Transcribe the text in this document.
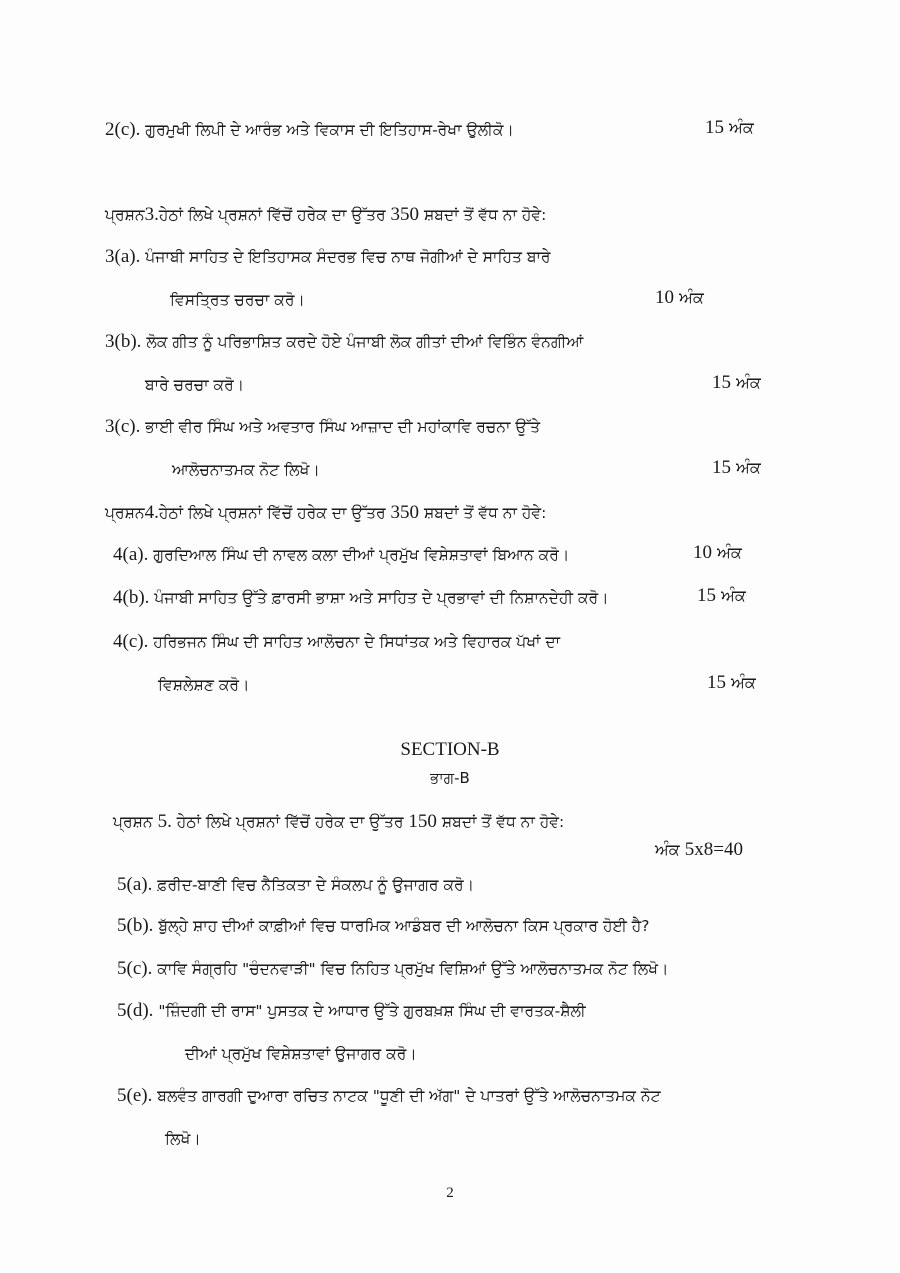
2(c). ਗੁਰਮੁਖੀ ਲਿਪੀ ਦੇ ਆਰੰਭ ਅਤੇ ਵਿਕਾਸ ਦੀ ਇਤਿਹਾਸ-ਰੇਖਾ ਉਲੀਕੋ।	15 ਅੰਕ
ਪ੍ਰਸ਼ਨ3.ਹੇਠਾਂ ਲਿਖੇ ਪ੍ਰਸ਼ਨਾਂ ਵਿੱਚੋਂ ਹਰੇਕ ਦਾ ਉੱਤਰ 350 ਸ਼ਬਦਾਂ ਤੋਂ ਵੱਧ ਨਾ ਹੋਵੇ:
3(a). ਪੰਜਾਬੀ ਸਾਹਿਤ ਦੇ ਇਤਿਹਾਸਕ ਸੰਦਰਭ ਵਿਚ ਨਾਥ ਜੋਗੀਆਂ ਦੇ ਸਾਹਿਤ ਬਾਰੇ
ਵਿਸਤ੍ਰਿਤ ਚਰਚਾ ਕਰੋ।	10 ਅੰਕ
3(b). ਲੋਕ ਗੀਤ ਨੂੰ ਪਰਿਭਾਸ਼ਿਤ ਕਰਦੇ ਹੋਏ ਪੰਜਾਬੀ ਲੋਕ ਗੀਤਾਂ ਦੀਆਂ ਵਿਭਿੰਨ ਵੰਨਗੀਆਂ
ਬਾਰੇ ਚਰਚਾ ਕਰੋ।	15 ਅੰਕ
3(c). ਭਾਈ ਵੀਰ ਸਿੰਘ ਅਤੇ ਅਵਤਾਰ ਸਿੰਘ ਆਜ਼ਾਦ ਦੀ ਮਹਾਂਕਾਵਿ ਰਚਨਾ ਉੱਤੇ
ਆਲੋਚਨਾਤਮਕ ਨੋਟ ਲਿਖੋ।	15 ਅੰਕ
ਪ੍ਰਸ਼ਨ4.ਹੇਠਾਂ ਲਿਖੇ ਪ੍ਰਸ਼ਨਾਂ ਵਿੱਚੋਂ ਹਰੇਕ ਦਾ ਉੱਤਰ 350 ਸ਼ਬਦਾਂ ਤੋਂ ਵੱਧ ਨਾ ਹੋਵੇ:
4(a). ਗੁਰਦਿਆਲ ਸਿੰਘ ਦੀ ਨਾਵਲ ਕਲਾ ਦੀਆਂ ਪ੍ਰਮੁੱਖ ਵਿਸ਼ੇਸ਼ਤਾਵਾਂ ਬਿਆਨ ਕਰੋ।	10 ਅੰਕ
4(b). ਪੰਜਾਬੀ ਸਾਹਿਤ ਉੱਤੇ ਫ਼ਾਰਸੀ ਭਾਸ਼ਾ ਅਤੇ ਸਾਹਿਤ ਦੇ ਪ੍ਰਭਾਵਾਂ ਦੀ ਨਿਸ਼ਾਨਦੇਹੀ ਕਰੋ।	15 ਅੰਕ
4(c). ਹਰਿਭਜਨ ਸਿੰਘ ਦੀ ਸਾਹਿਤ ਆਲੋਚਨਾ ਦੇ ਸਿਧਾਂਤਕ ਅਤੇ ਵਿਹਾਰਕ ਪੱਖਾਂ ਦਾ
ਵਿਸ਼ਲੇਸ਼ਣ ਕਰੋ।	15 ਅੰਕ
SECTION-B
ਭਾਗ-B
ਪ੍ਰਸ਼ਨ 5. ਹੇਠਾਂ ਲਿਖੇ ਪ੍ਰਸ਼ਨਾਂ ਵਿੱਚੋਂ ਹਰੇਕ ਦਾ ਉੱਤਰ 150 ਸ਼ਬਦਾਂ ਤੋਂ ਵੱਧ ਨਾ ਹੋਵੇ:
ਅੰਕ 5x8=40
5(a). ਫ਼ਰੀਦ-ਬਾਣੀ ਵਿਚ ਨੈਤਿਕਤਾ ਦੇ ਸੰਕਲਪ ਨੂੰ ਉਜਾਗਰ ਕਰੋ।
5(b). ਬੁੱਲ੍ਹੇ ਸ਼ਾਹ ਦੀਆਂ ਕਾਫ਼ੀਆਂ ਵਿਚ ਧਾਰਮਿਕ ਆਡੰਬਰ ਦੀ ਆਲੋਚਨਾ ਕਿਸ ਪ੍ਰਕਾਰ ਹੋਈ ਹੈ?
5(c). ਕਾਵਿ ਸੰਗ੍ਰਹਿ "ਚੰਦਨਵਾੜੀ" ਵਿਚ ਨਿਹਿਤ ਪ੍ਰਮੁੱਖ ਵਿਸ਼ਿਆਂ ਉੱਤੇ ਆਲੋਚਨਾਤਮਕ ਨੋਟ ਲਿਖੋ।
5(d). "ਜ਼ਿੰਦਗੀ ਦੀ ਰਾਸ" ਪੁਸਤਕ ਦੇ ਆਧਾਰ ਉੱਤੇ ਗੁਰਬਖ਼ਸ਼ ਸਿੰਘ ਦੀ ਵਾਰਤਕ-ਸ਼ੈਲੀ
ਦੀਆਂ ਪ੍ਰਮੁੱਖ ਵਿਸ਼ੇਸ਼ਤਾਵਾਂ ਉਜਾਗਰ ਕਰੋ।
5(e). ਬਲਵੰਤ ਗਾਰਗੀ ਦੁਆਰਾ ਰਚਿਤ ਨਾਟਕ "ਧੂਣੀ ਦੀ ਅੱਗ" ਦੇ ਪਾਤਰਾਂ ਉੱਤੇ ਆਲੋਚਨਾਤਮਕ ਨੋਟ
ਲਿਖੋ।
2
